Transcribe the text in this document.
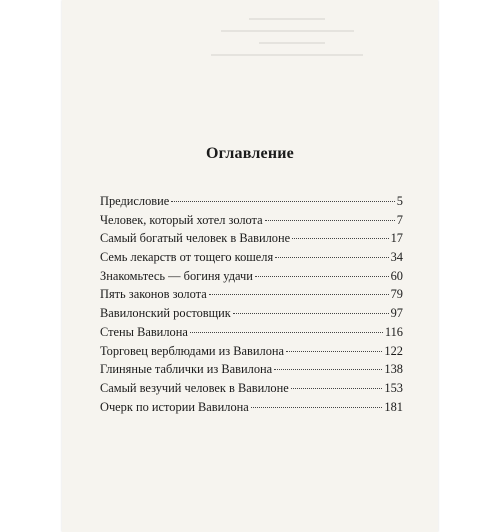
Оглавление
Предисловие	5
Человек, который хотел золота	7
Самый богатый человек в Вавилоне	17
Семь лекарств от тощего кошеля	34
Знакомьтесь — богиня удачи	60
Пять законов золота	79
Вавилонский ростовщик	97
Стены Вавилона	116
Торговец верблюдами из Вавилона	122
Глиняные таблички из Вавилона	138
Самый везучий человек в Вавилоне	153
Очерк по истории Вавилона	181
